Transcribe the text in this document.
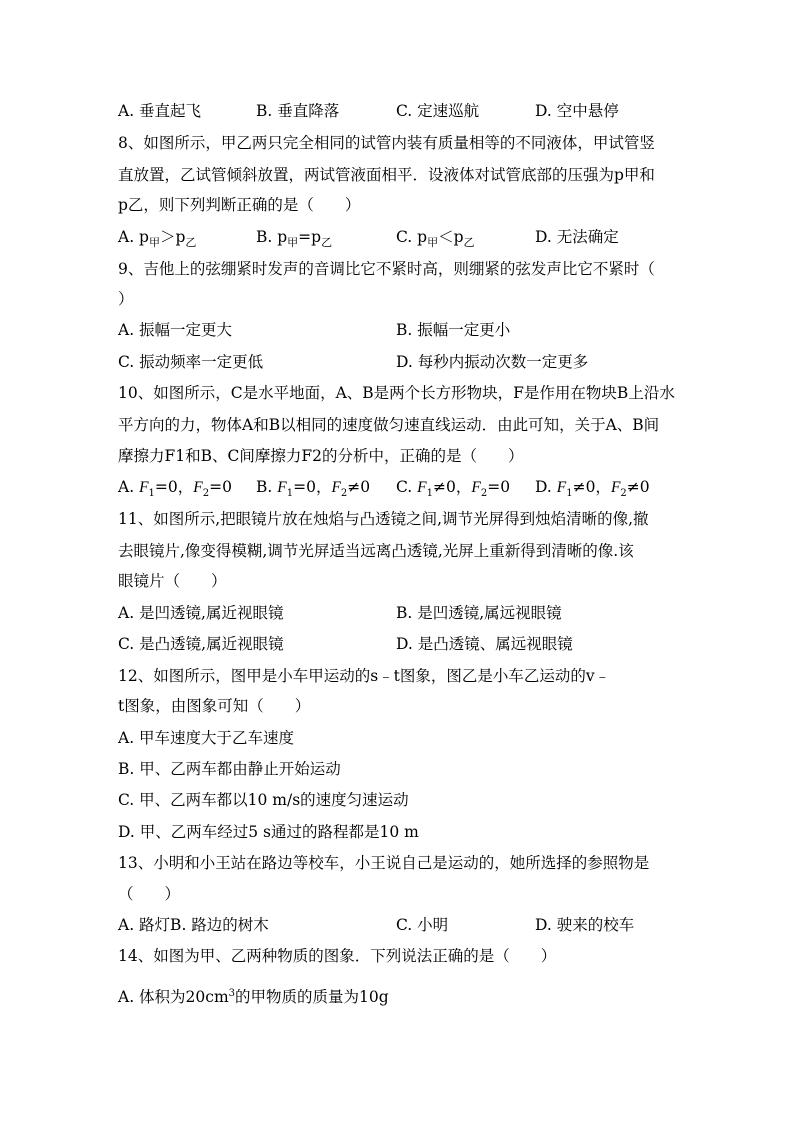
A. 垂直起飞	B. 垂直降落	C. 定速巡航	D. 空中悬停
8、如图所示，甲乙两只完全相同的试管内装有质量相等的不同液体，甲试管竖
直放置，乙试管倾斜放置，两试管液面相平．设液体对试管底部的压强为p甲和
p乙，则下列判断正确的是（　　）
A. $p_甲>p_乙$	B. $p_甲=p_乙$	C. $p_甲<p_乙$	D. 无法确定
9、吉他上的弦绷紧时发声的音调比它不紧时高，则绷紧的弦发声比它不紧时（
）
A. 振幅一定更大	B. 振幅一定更小
C. 振动频率一定更低	D. 每秒内振动次数一定更多
10、如图所示，C是水平地面，A、B是两个长方形物块，F是作用在物块B上沿水
平方向的力，物体A和B以相同的速度做匀速直线运动．由此可知，关于A、B间
摩擦力F1和B、C间摩擦力F2的分析中，正确的是（　　）
A. $F_1=0$，$F_2=0$ B. $F_1=0$，$F_2\ne 0$ C. $F_1\ne 0$，$F_2=0$ D. $F_1\ne 0$，$F_2\ne 0$
11、如图所示,把眼镜片放在烛焰与凸透镜之间,调节光屏得到烛焰清晰的像,撤
去眼镜片,像变得模糊,调节光屏适当远离凸透镜,光屏上重新得到清晰的像.该
眼镜片（　　）
A. 是凹透镜,属近视眼镜	B. 是凹透镜,属远视眼镜
C. 是凸透镜,属近视眼镜	D. 是凸透镜、属远视眼镜
12、如图所示，图甲是小车甲运动的s﹣t图象，图乙是小车乙运动的v﹣
t图象，由图象可知（　　）
A. 甲车速度大于乙车速度
B. 甲、乙两车都由静止开始运动
C. 甲、乙两车都以10 m/s的速度匀速运动
D. 甲、乙两车经过5 s通过的路程都是10 m
13、小明和小王站在路边等校车，小王说自己是运动的，她所选择的参照物是
（　　）
A. 路灯B. 路边的树木	C. 小明	D. 驶来的校车
14、如图为甲、乙两种物质的图象．下列说法正确的是（　　）
A. 体积为$20cm^3$的甲物质的质量为10g
